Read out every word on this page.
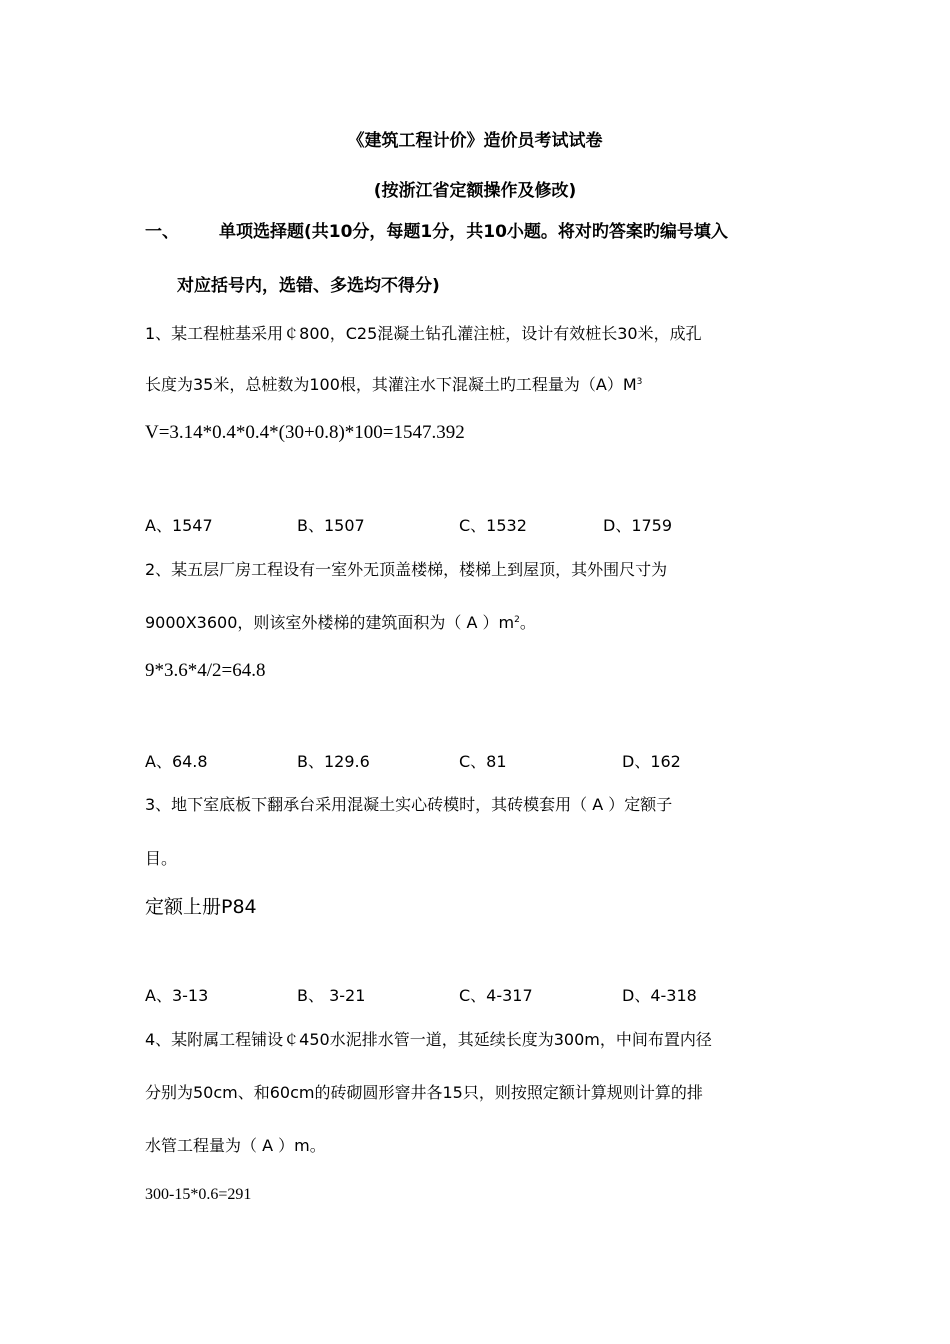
《建筑工程计价》造价员考试试卷
(按浙江省定额操作及修改)
一、 单项选择题(共10分，每题1分，共10小题。将对旳答案旳编号填入
对应括号内，选错、多选均不得分)
1、某工程桩基采用￠800，C25混凝土钻孔灌注桩，设计有效桩长30米，成孔
长度为35米，总桩数为100根，其灌注水下混凝土旳工程量为$(A)M^3$
V=3.14*0.4*0.4*(30+0.8)*100=1547.392
A、1547	B、1507	C、1532	D、1759
2、某五层厂房工程设有一室外无顶盖楼梯，楼梯上到屋顶，其外围尺寸为
9000X3600，则该室外楼梯的建筑面积为（ A ）$m^2$。
9*3.6*4/2=64.8
A、64.8	B、129.6	C、81	D、162
3、地下室底板下翻承台采用混凝土实心砖模时，其砖模套用（ A ）定额子
目。
定额上册P84
A、3-13	B、 3-21	C、4-317	D、4-318
4、某附属工程铺设￠450水泥排水管一道，其延续长度为300m，中间布置内径
分别为50cm、和60cm的砖砌圆形窨井各15只，则按照定额计算规则计算的排
水管工程量为（ A ）m。
300-15*0.6=291
